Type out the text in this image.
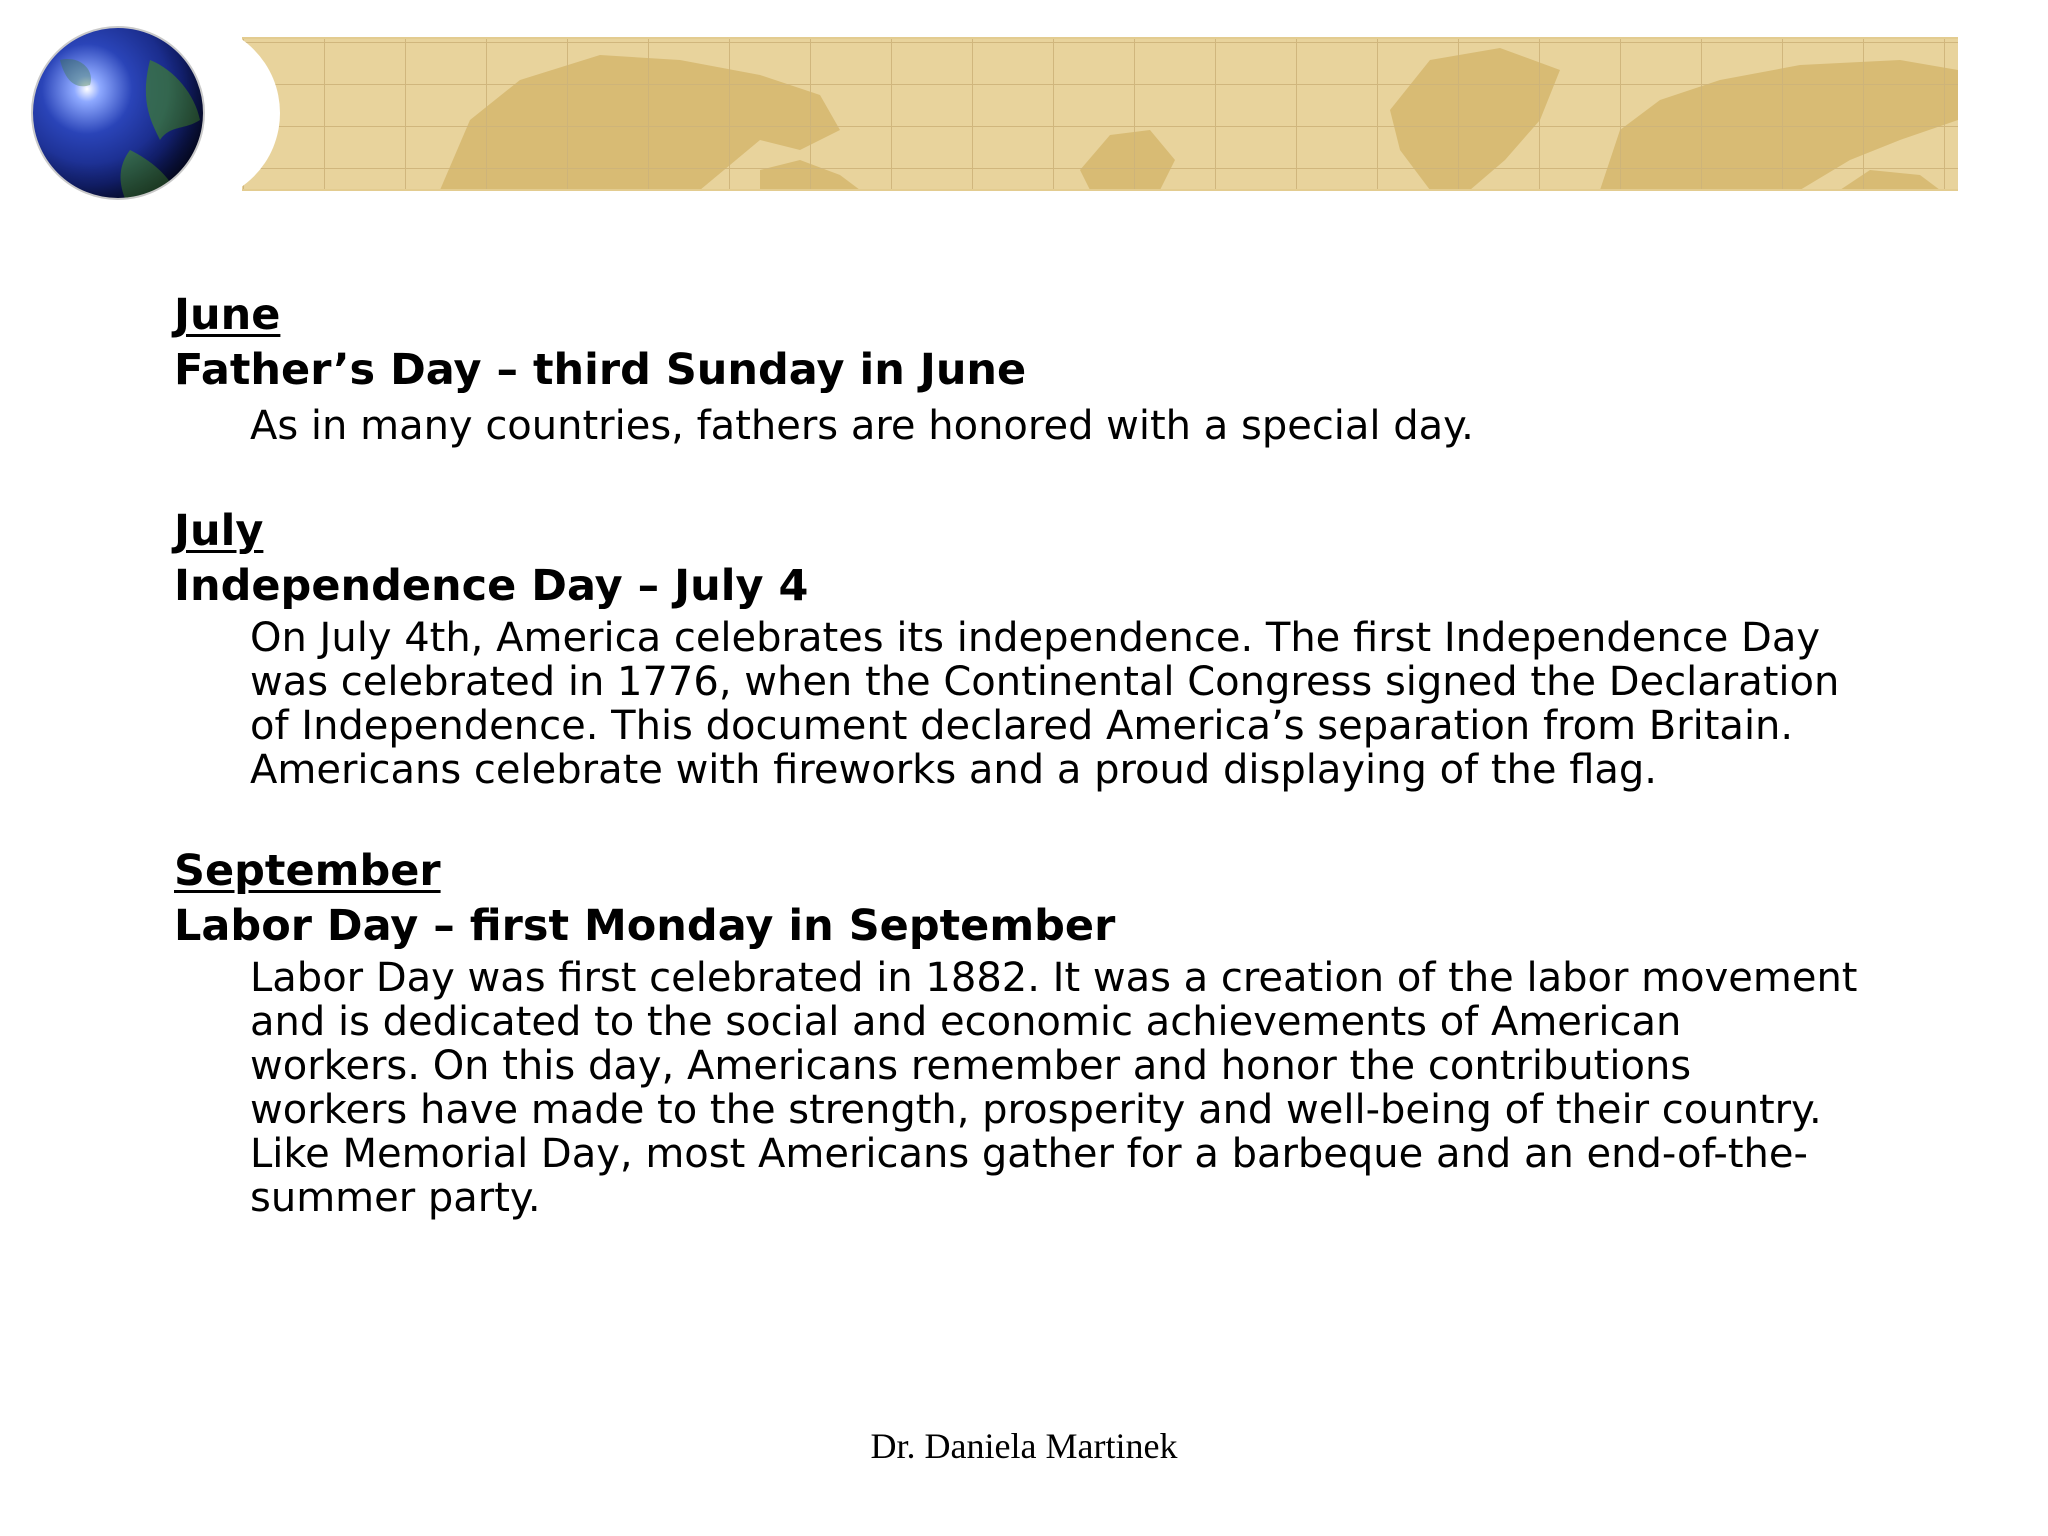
June
Father’s Day – third Sunday in June
As in many countries, fathers are honored with a special day.
July
Independence Day – July 4
On July 4th, America celebrates its independence. The first Independence Day was celebrated in 1776, when the Continental Congress signed the Declaration of Independence. This document declared America’s separation from Britain. Americans celebrate with fireworks and a proud displaying of the flag.
September
Labor Day – first Monday in September
Labor Day was first celebrated in 1882. It was a creation of the labor movement and is dedicated to the social and economic achievements of American workers. On this day, Americans remember and honor the contributions workers have made to the strength, prosperity and well-being of their country. Like Memorial Day, most Americans gather for a barbeque and an end-of-the-summer party.
Dr. Daniela Martinek
